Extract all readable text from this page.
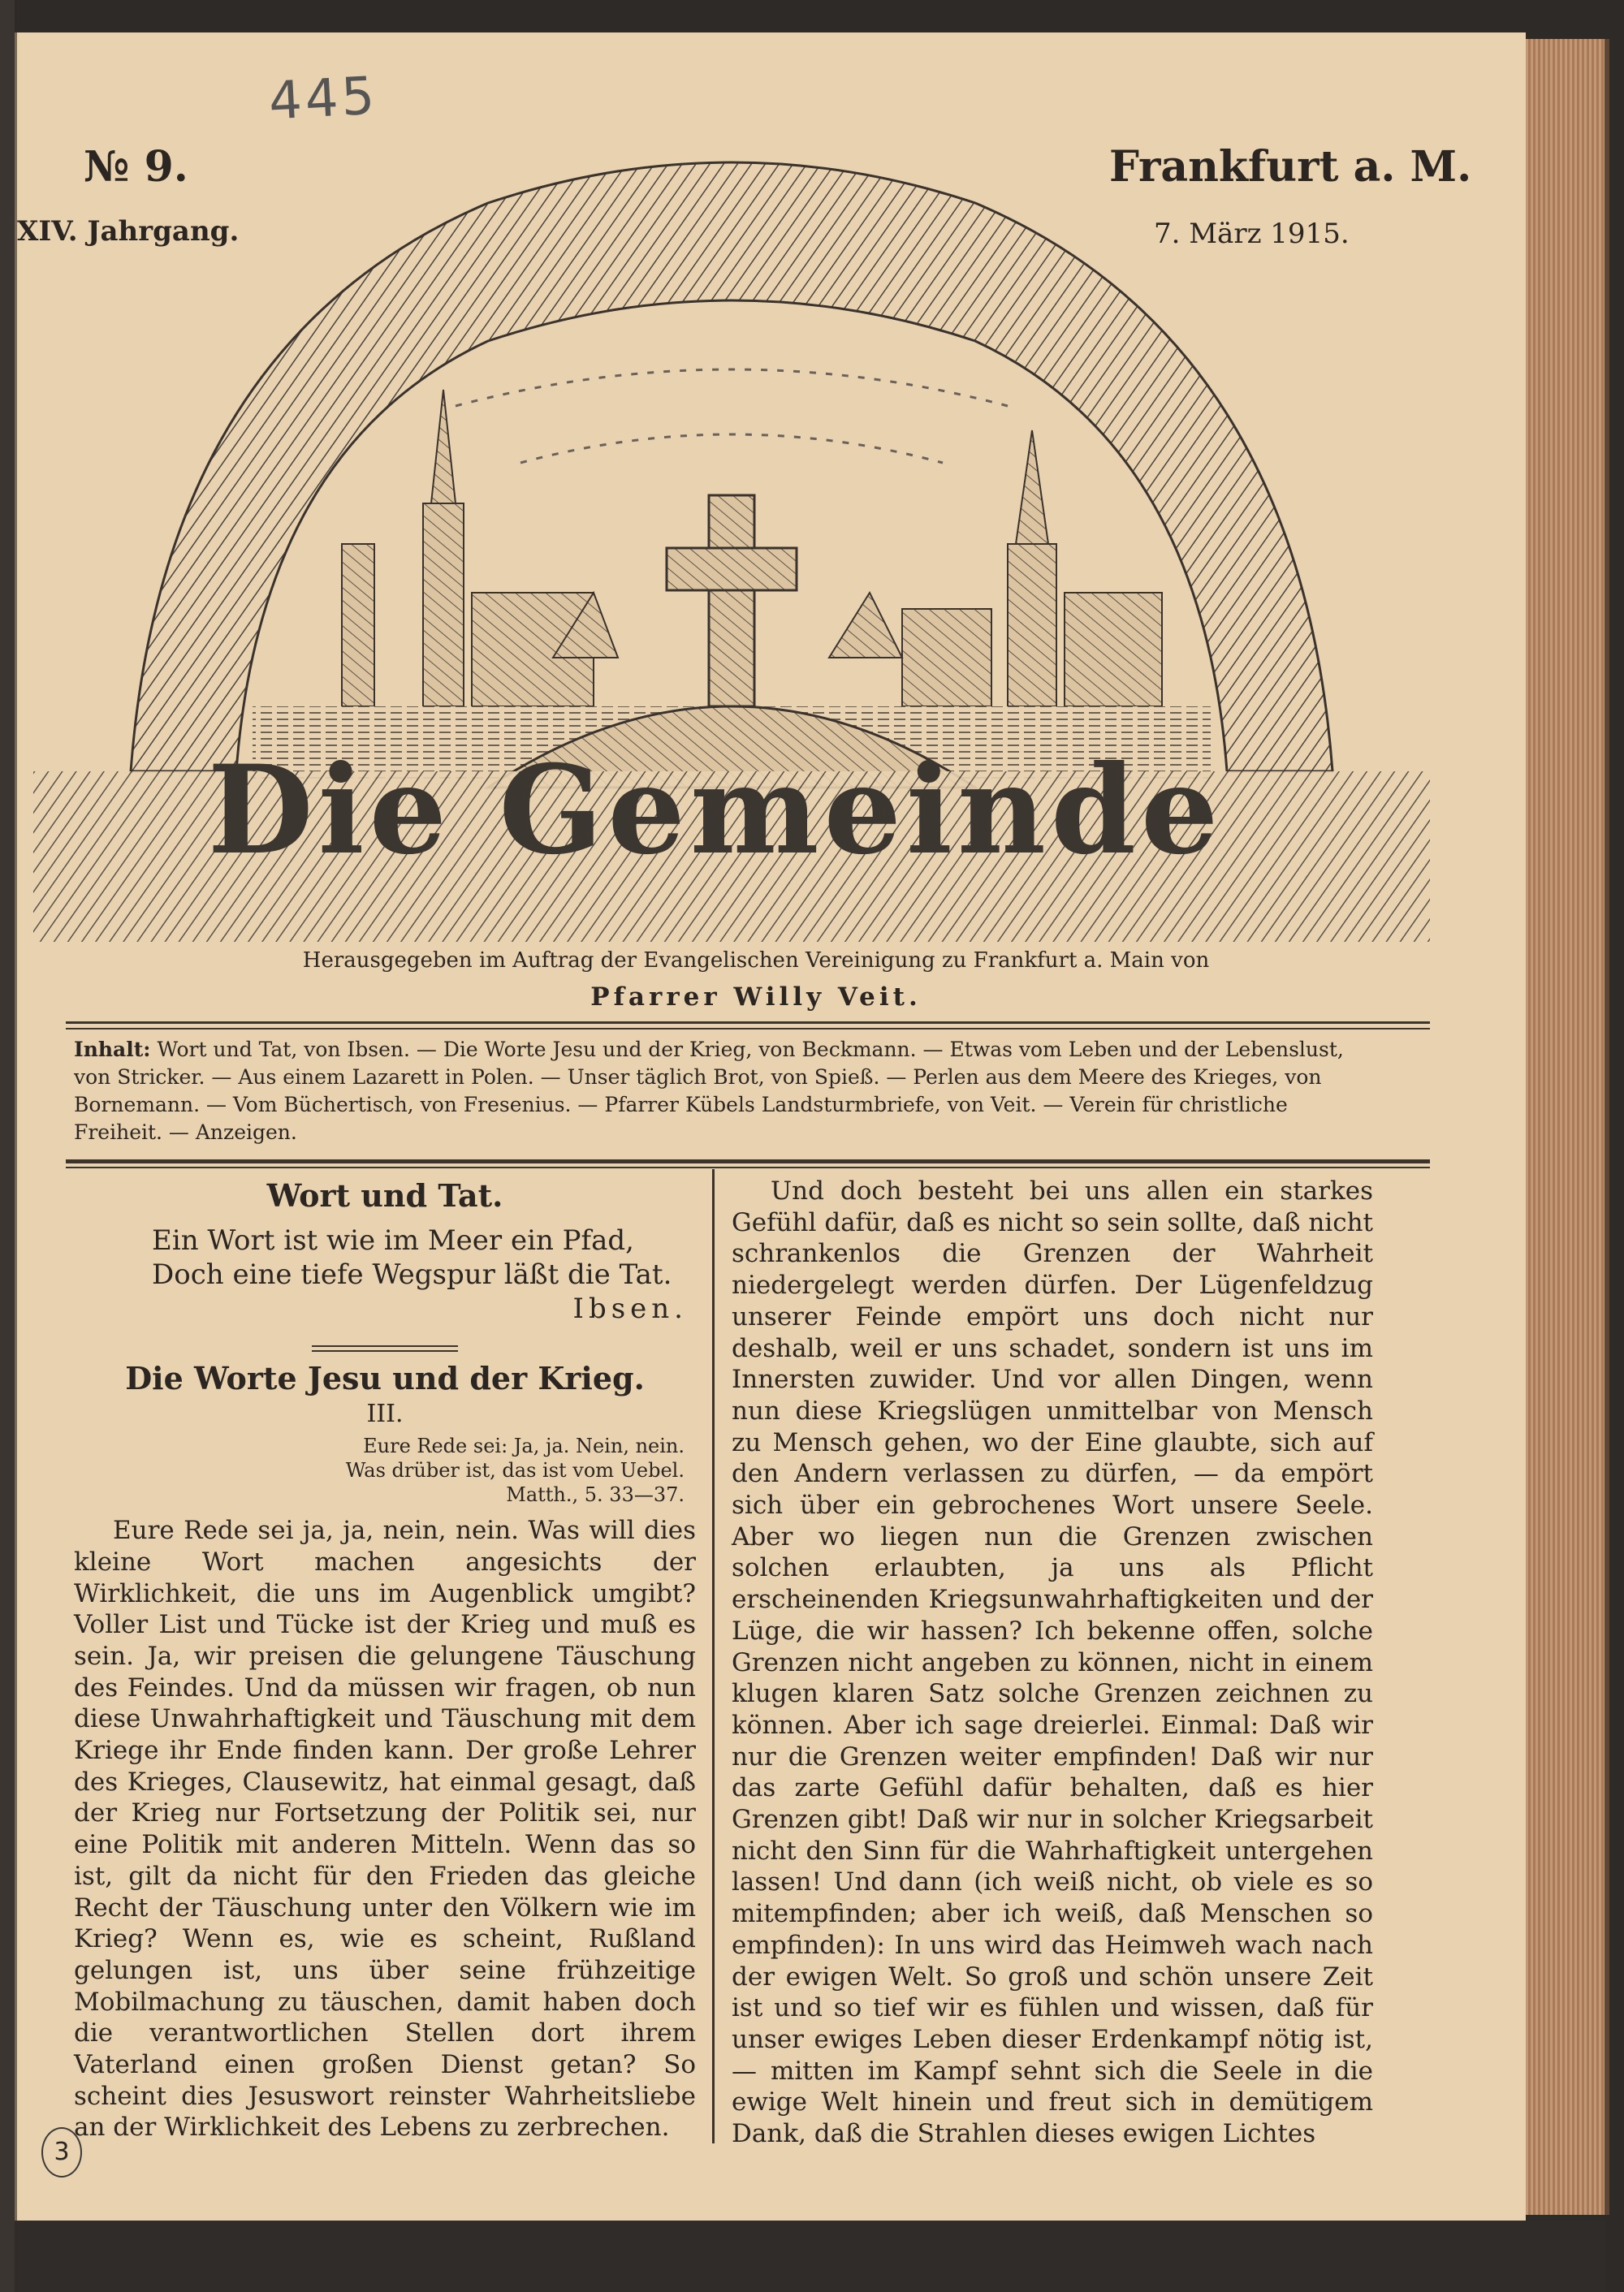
445
№ 9.
XIV. Jahrgang.
Frankfurt a. M.
7. März 1915.
Die Gemeinde
Herausgegeben im Auftrag der Evangelischen Vereinigung zu Frankfurt a. Main von
Pfarrer Willy Veit.
Inhalt: Wort und Tat, von Ibsen. — Die Worte Jesu und der Krieg, von Beckmann. — Etwas vom Leben und der Lebenslust, von Stricker. — Aus einem Lazarett in Polen. — Unser täglich Brot, von Spieß. — Perlen aus dem Meere des Krieges, von Bornemann. — Vom Büchertisch, von Fresenius. — Pfarrer Kübels Landsturmbriefe, von Veit. — Verein für christliche Freiheit. — Anzeigen.
Wort und Tat.
Ein Wort ist wie im Meer ein Pfad,
Doch eine tiefe Wegspur läßt die Tat.
Ibsen.
Die Worte Jesu und der Krieg.
III.
Eure Rede sei: Ja, ja. Nein, nein.
Was drüber ist, das ist vom Uebel.
Matth., 5. 33—37.

Eure Rede sei ja, ja, nein, nein. Was will dies kleine Wort machen angesichts der Wirklichkeit, die uns im Augenblick umgibt? Voller List und Tücke ist der Krieg und muß es sein. Ja, wir preisen die gelungene Täuschung des Feindes. Und da müssen wir fragen, ob nun diese Unwahrhaftigkeit und Täuschung mit dem Kriege ihr Ende finden kann. Der große Lehrer des Krieges, Clausewitz, hat einmal gesagt, daß der Krieg nur Fortsetzung der Politik sei, nur eine Politik mit anderen Mitteln. Wenn das so ist, gilt da nicht für den Frieden das gleiche Recht der Täuschung unter den Völkern wie im Krieg? Wenn es, wie es scheint, Rußland gelungen ist, uns über seine frühzeitige Mobilmachung zu täuschen, damit haben doch die verantwortlichen Stellen dort ihrem Vaterland einen großen Dienst getan? So scheint dies Jesuswort reinster Wahrheitsliebe an der Wirklichkeit des Lebens zu zerbrechen.

Und doch besteht bei uns allen ein starkes Gefühl dafür, daß es nicht so sein sollte, daß nicht schrankenlos die Grenzen der Wahrheit niedergelegt werden dürfen. Der Lügenfeldzug unserer Feinde empört uns doch nicht nur deshalb, weil er uns schadet, sondern ist uns im Innersten zuwider. Und vor allen Dingen, wenn nun diese Kriegslügen unmittelbar von Mensch zu Mensch gehen, wo der Eine glaubte, sich auf den Andern verlassen zu dürfen, — da empört sich über ein gebrochenes Wort unsere Seele. Aber wo liegen nun die Grenzen zwischen solchen erlaubten, ja uns als Pflicht erscheinenden Kriegsunwahrhaftigkeiten und der Lüge, die wir hassen? Ich bekenne offen, solche Grenzen nicht angeben zu können, nicht in einem klugen klaren Satz solche Grenzen zeichnen zu können. Aber ich sage dreierlei. Einmal: Daß wir nur die Grenzen weiter empfinden! Daß wir nur das zarte Gefühl dafür behalten, daß es hier Grenzen gibt! Daß wir nur in solcher Kriegsarbeit nicht den Sinn für die Wahrhaftigkeit untergehen lassen! Und dann (ich weiß nicht, ob viele es so mitempfinden; aber ich weiß, daß Menschen so empfinden): In uns wird das Heimweh wach nach der ewigen Welt. So groß und schön unsere Zeit ist und so tief wir es fühlen und wissen, daß für unser ewiges Leben dieser Erdenkampf nötig ist, — mitten im Kampf sehnt sich die Seele in die ewige Welt hinein und freut sich in demütigem Dank, daß die Strahlen dieses ewigen Lichtes

3
